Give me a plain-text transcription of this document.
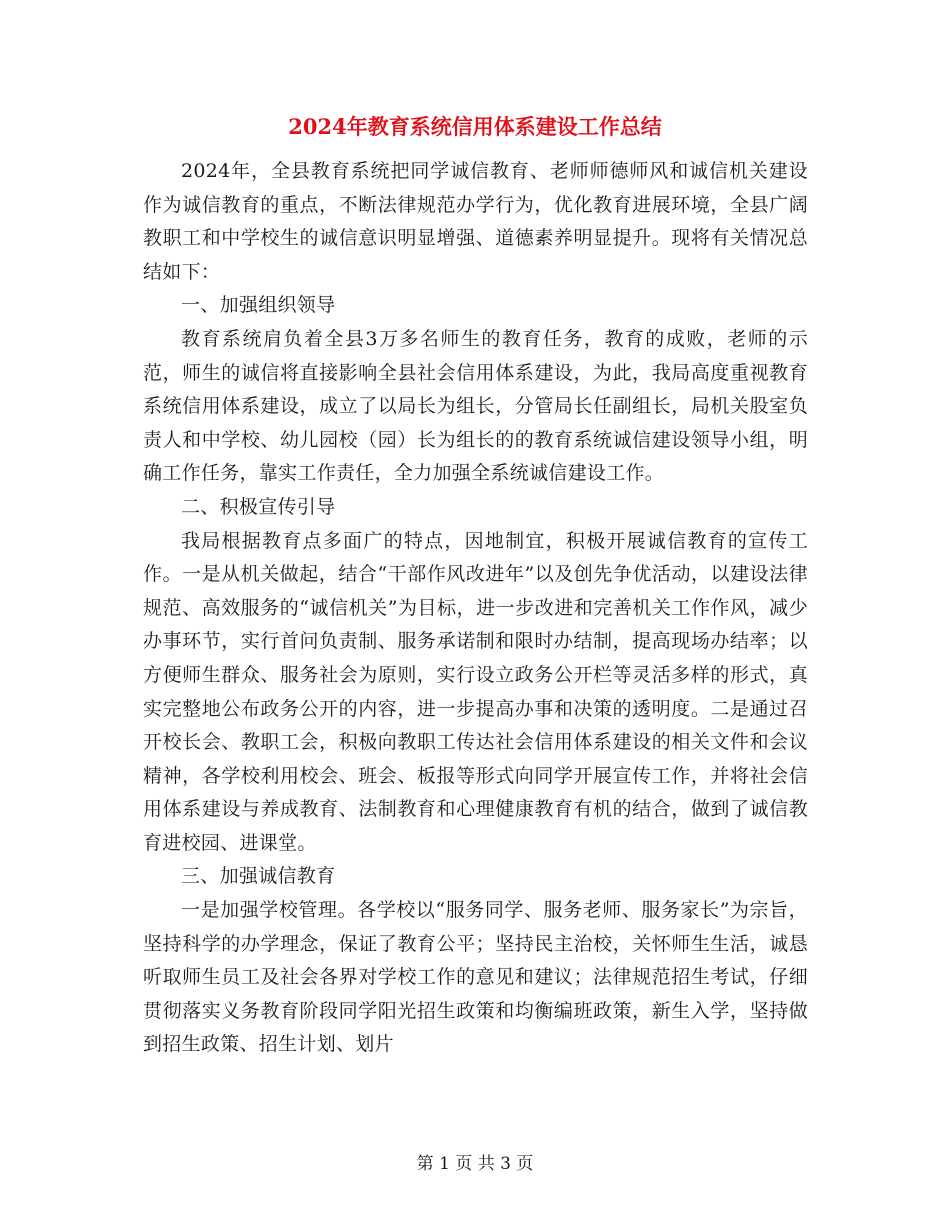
2024年教育系统信用体系建设工作总结

2024年，全县教育系统把同学诚信教育、老师师德师风和诚信机关建设作为诚信教育的重点，不断法律规范办学行为，优化教育进展环境，全县广阔教职工和中学校生的诚信意识明显增强、道德素养明显提升。现将有关情况总结如下：

一、加强组织领导

教育系统肩负着全县3万多名师生的教育任务，教育的成败，老师的示范，师生的诚信将直接影响全县社会信用体系建设，为此，我局高度重视教育系统信用体系建设，成立了以局长为组长，分管局长任副组长，局机关股室负责人和中学校、幼儿园校（园）长为组长的的教育系统诚信建设领导小组，明确工作任务，靠实工作责任，全力加强全系统诚信建设工作。

二、积极宣传引导

我局根据教育点多面广的特点，因地制宜，积极开展诚信教育的宣传工作。一是从机关做起，结合“干部作风改进年”以及创先争优活动，以建设法律规范、高效服务的“诚信机关”为目标，进一步改进和完善机关工作作风，减少办事环节，实行首问负责制、服务承诺制和限时办结制，提高现场办结率；以方便师生群众、服务社会为原则，实行设立政务公开栏等灵活多样的形式，真实完整地公布政务公开的内容，进一步提高办事和决策的透明度。二是通过召开校长会、教职工会，积极向教职工传达社会信用体系建设的相关文件和会议精神，各学校利用校会、班会、板报等形式向同学开展宣传工作，并将社会信用体系建设与养成教育、法制教育和心理健康教育有机的结合，做到了诚信教育进校园、进课堂。

三、加强诚信教育

一是加强学校管理。各学校以“服务同学、服务老师、服务家长”为宗旨，坚持科学的办学理念，保证了教育公平；坚持民主治校，关怀师生生活，诚恳听取师生员工及社会各界对学校工作的意见和建议；法律规范招生考试，仔细贯彻落实义务教育阶段同学阳光招生政策和均衡编班政策，新生入学，坚持做到招生政策、招生计划、划片

第 1 页 共 3 页
